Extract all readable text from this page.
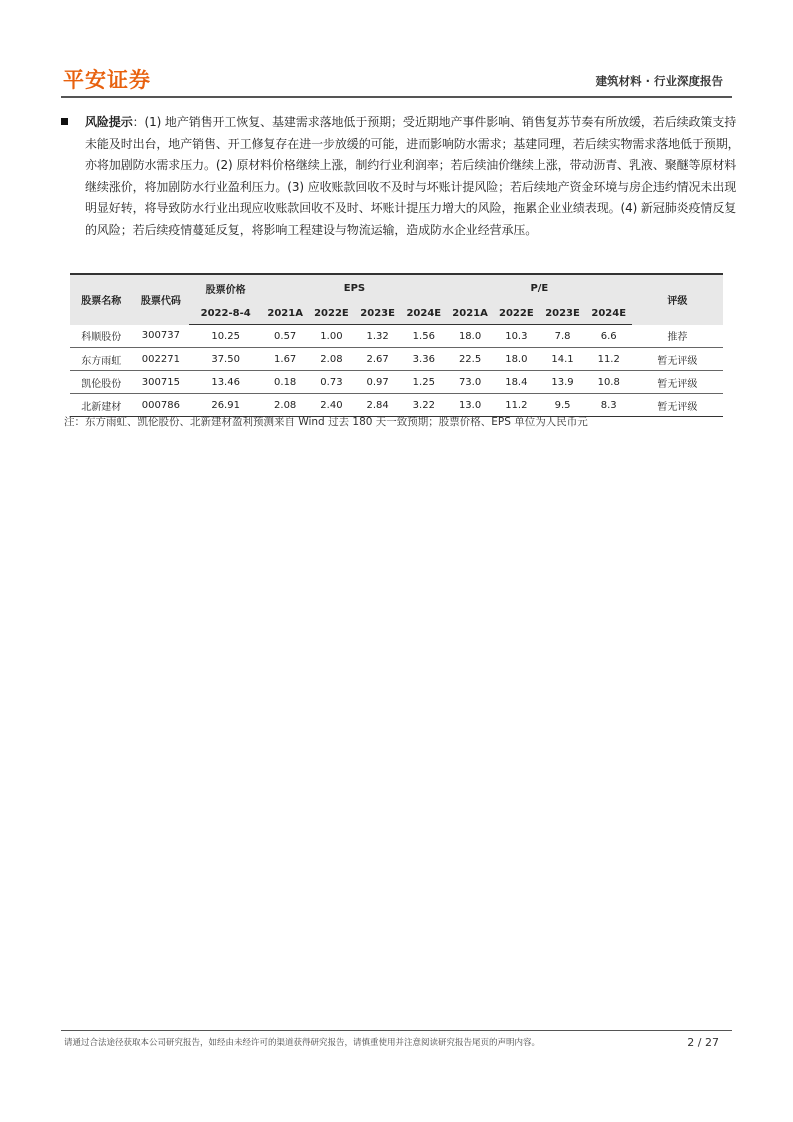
平安证券	建筑材料 · 行业深度报告
风险提示：(1) 地产销售开工恢复、基建需求落地低于预期；受近期地产事件影响、销售复苏节奏有所放缓，若后续政策支持未能及时出台，地产销售、开工修复存在进一步放缓的可能，进而影响防水需求；基建同理，若后续实物需求落地低于预期，亦将加剧防水需求压力。(2) 原材料价格继续上涨，制约行业利润率；若后续油价继续上涨，带动沥青、乳液、聚醚等原材料继续涨价，将加剧防水行业盈利压力。(3) 应收账款回收不及时与坏账计提风险；若后续地产资金环境与房企违约情况未出现明显好转，将导致防水行业出现应收账款回收不及时、坏账计提压力增大的风险，拖累企业业绩表现。(4) 新冠肺炎疫情反复的风险；若后续疫情蔓延反复，将影响工程建设与物流运输，造成防水企业经营承压。
股票名称	股票代码	股票价格	EPS				P/E				评级
		2022-8-4	2021A	2022E	2023E	2024E	2021A	2022E	2023E	2024E	
科顺股份	300737	10.25	0.57	1.00	1.32	1.56	18.0	10.3	7.8	6.6	推荐
东方雨虹	002271	37.50	1.67	2.08	2.67	3.36	22.5	18.0	14.1	11.2	暂无评级
凯伦股份	300715	13.46	0.18	0.73	0.97	1.25	73.0	18.4	13.9	10.8	暂无评级
北新建材	000786	26.91	2.08	2.40	2.84	3.22	13.0	11.2	9.5	8.3	暂无评级
注：东方雨虹、凯伦股份、北新建材盈利预测来自 Wind 过去 180 天一致预期；股票价格、EPS 单位为人民币元
请通过合法途径获取本公司研究报告，如经由未经许可的渠道获得研究报告，请慎重使用并注意阅读研究报告尾页的声明内容。	2 / 27
